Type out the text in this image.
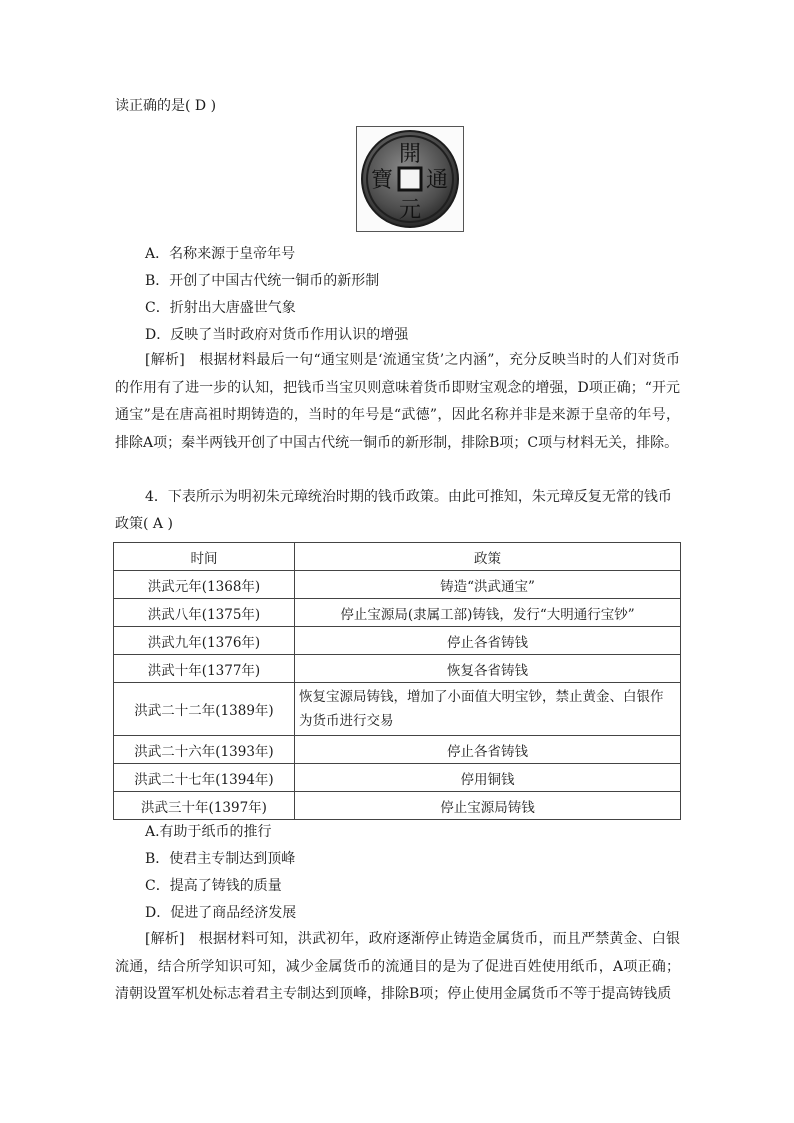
读正确的是( D )
開
元
通
寶
A．名称来源于皇帝年号
B．开创了中国古代统一铜币的新形制
C．折射出大唐盛世气象
D．反映了当时政府对货币作用认识的增强
[解析]　根据材料最后一句“通宝则是‘流通宝货’之内涵”，充分反映当时的人们对货币的作用有了进一步的认知，把钱币当宝贝则意味着货币即财宝观念的增强，D项正确；“开元通宝”是在唐高祖时期铸造的，当时的年号是“武德”，因此名称并非是来源于皇帝的年号，排除A项；秦半两钱开创了中国古代统一铜币的新形制，排除B项；C项与材料无关，排除。
4．下表所示为明初朱元璋统治时期的钱币政策。由此可推知，朱元璋反复无常的钱币
政策( A )
时间	政策
洪武元年(1368年)	铸造“洪武通宝”
洪武八年(1375年)	停止宝源局(隶属工部)铸钱，发行“大明通行宝钞”
洪武九年(1376年)	停止各省铸钱
洪武十年(1377年)	恢复各省铸钱
洪武二十二年(1389年)	恢复宝源局铸钱，增加了小面值大明宝钞，禁止黄金、白银作为货币进行交易
洪武二十六年(1393年)	停止各省铸钱
洪武二十七年(1394年)	停用铜钱
洪武三十年(1397年)	停止宝源局铸钱
A.有助于纸币的推行
B．使君主专制达到顶峰
C．提高了铸钱的质量
D．促进了商品经济发展
[解析]　根据材料可知，洪武初年，政府逐渐停止铸造金属货币，而且严禁黄金、白银流通，结合所学知识可知，减少金属货币的流通目的是为了促进百姓使用纸币，A项正确；清朝设置军机处标志着君主专制达到顶峰，排除B项；停止使用金属货币不等于提高铸钱质
